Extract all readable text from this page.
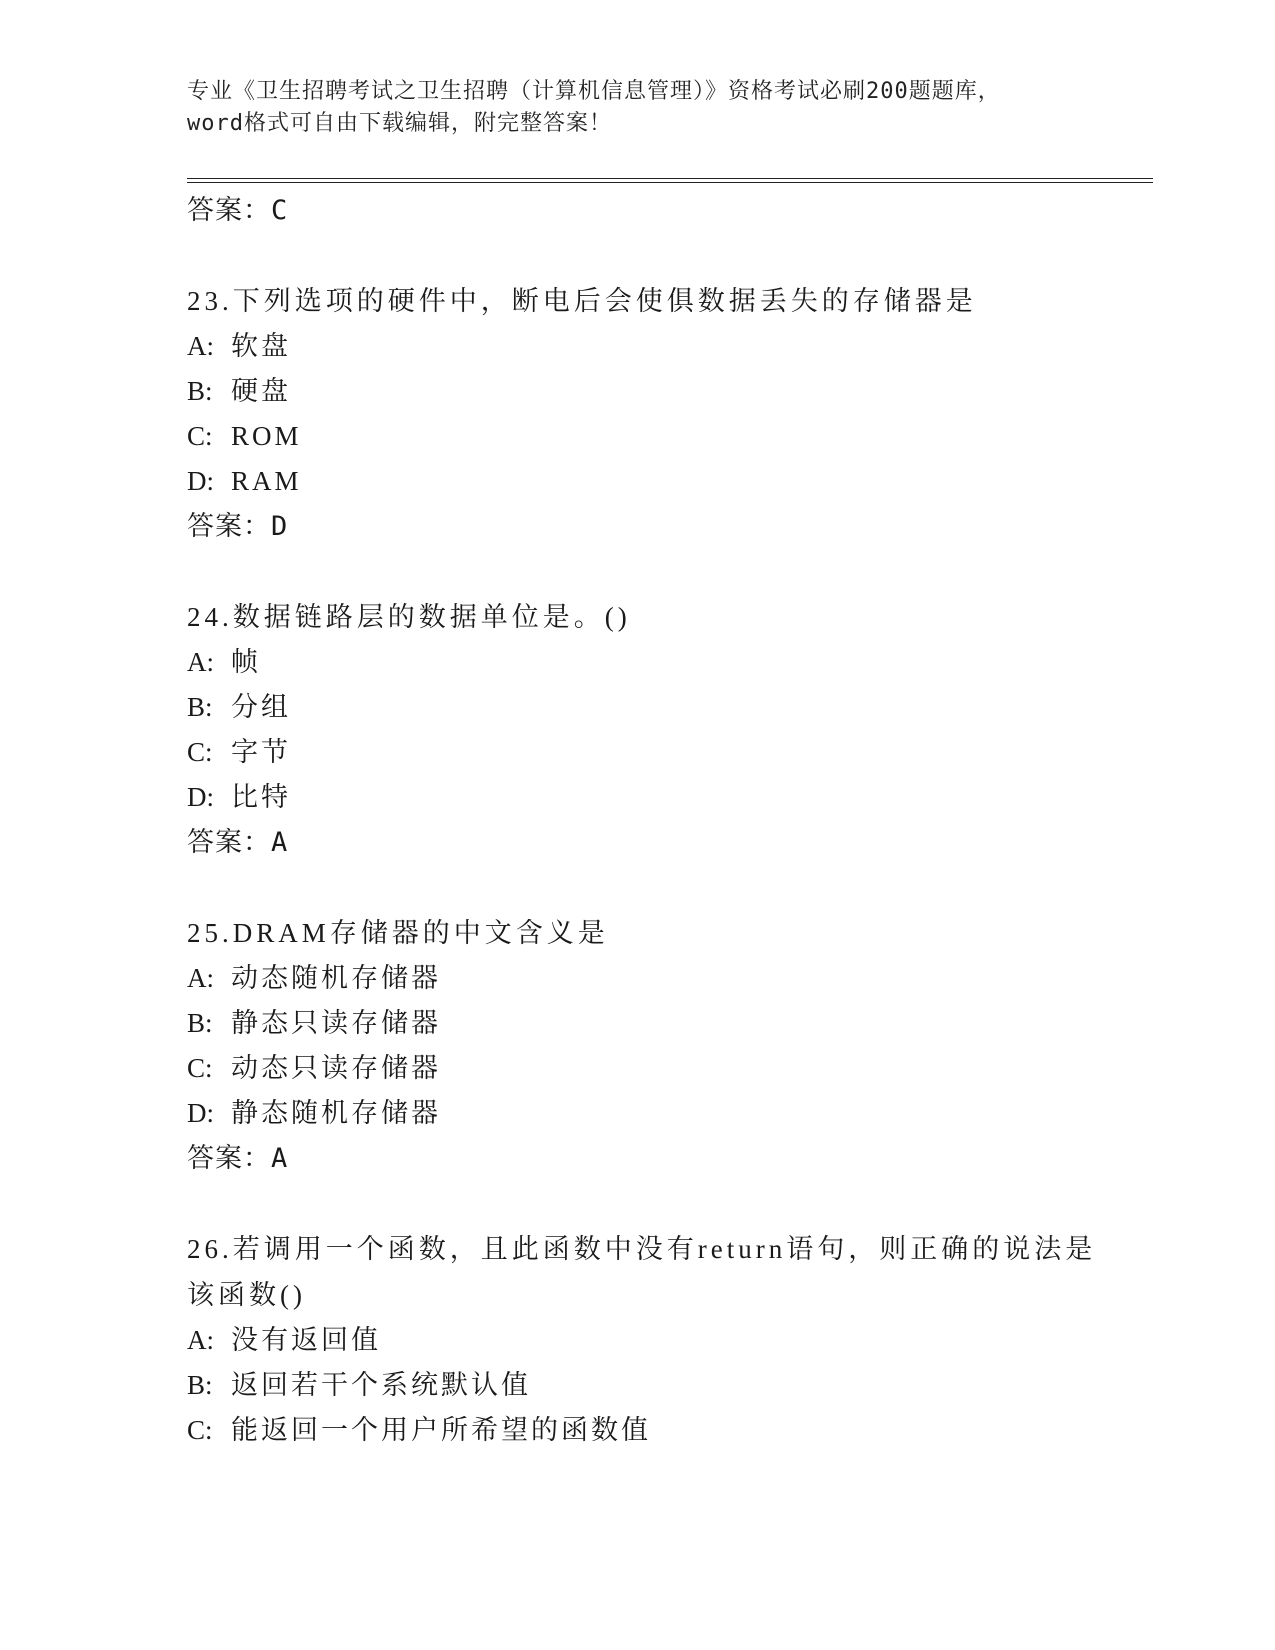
专业《卫生招聘考试之卫生招聘（计算机信息管理）》资格考试必刷200题题库，
word格式可自由下载编辑，附完整答案！
答案：C
23.下列选项的硬件中，断电后会使俱数据丢失的存储器是
A: 软盘
B: 硬盘
C: ROM
D: RAM
答案：D
24.数据链路层的数据单位是。()
A: 帧
B: 分组
C: 字节
D: 比特
答案：A
25.DRAM存储器的中文含义是
A: 动态随机存储器
B: 静态只读存储器
C: 动态只读存储器
D: 静态随机存储器
答案：A
26.若调用一个函数，且此函数中没有return语句，则正确的说法是
该函数()
A: 没有返回值
B: 返回若干个系统默认值
C: 能返回一个用户所希望的函数值
